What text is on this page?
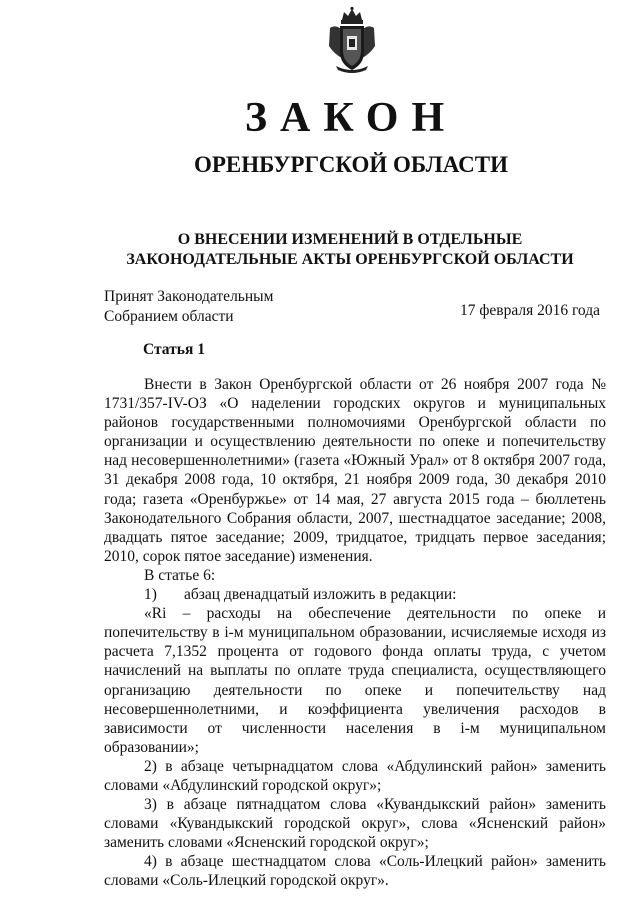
ЗАКОН
ОРЕНБУРГСКОЙ ОБЛАСТИ
О ВНЕСЕНИИ ИЗМЕНЕНИЙ В ОТДЕЛЬНЫЕ ЗАКОНОДАТЕЛЬНЫЕ АКТЫ ОРЕНБУРГСКОЙ ОБЛАСТИ
Принят Законодательным
Собранием области	17 февраля 2016 года
Статья 1

Внести в Закон Оренбургской области от 26 ноября 2007 года № 1731/357-IV-ОЗ «О наделении городских округов и муниципальных районов государственными полномочиями Оренбургской области по организации и осуществлению деятельности по опеке и попечительству над несовершеннолетними» (газета «Южный Урал» от 8 октября 2007 года, 31 декабря 2008 года, 10 октября, 21 ноября 2009 года, 30 декабря 2010 года; газета «Оренбуржье» от 14 мая, 27 августа 2015 года – бюллетень Законодательного Собрания области, 2007, шестнадцатое заседание; 2008, двадцать пятое заседание; 2009, тридцатое, тридцать первое заседания; 2010, сорок пятое заседание) изменения.

В статье 6:

1) абзац двенадцатый изложить в редакции:

«Ri – расходы на обеспечение деятельности по опеке и попечительству в i-м муниципальном образовании, исчисляемые исходя из расчета 7,1352 процента от годового фонда оплаты труда, с учетом начислений на выплаты по оплате труда специалиста, осуществляющего организацию деятельности по опеке и попечительству над несовершеннолетними, и коэффициента увеличения расходов в зависимости от численности населения в i-м муниципальном образовании»;

2) в абзаце четырнадцатом слова «Абдулинский район» заменить словами «Абдулинский городской округ»;

3) в абзаце пятнадцатом слова «Кувандыкский район» заменить словами «Кувандыкский городской округ», слова «Ясненский район» заменить словами «Ясненский городской округ»;

4) в абзаце шестнадцатом слова «Соль-Илецкий район» заменить словами «Соль-Илецкий городской округ».
